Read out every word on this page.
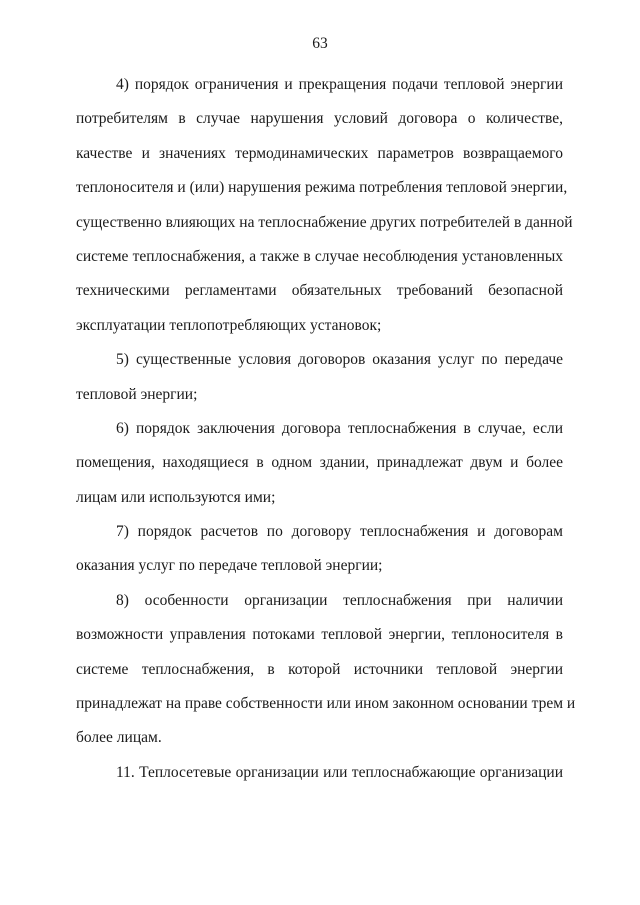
63
4) порядок ограничения и прекращения подачи тепловой энергии
потребителям в случае нарушения условий договора о количестве,
качестве и значениях термодинамических параметров возвращаемого
теплоносителя и (или) нарушения режима потребления тепловой энергии,
существенно влияющих на теплоснабжение других потребителей в данной
системе теплоснабжения, а также в случае несоблюдения установленных
техническими регламентами обязательных требований безопасной
эксплуатации теплопотребляющих установок;
5) существенные условия договоров оказания услуг по передаче
тепловой энергии;
6) порядок заключения договора теплоснабжения в случае, если
помещения, находящиеся в одном здании, принадлежат двум и более
лицам или используются ими;
7) порядок расчетов по договору теплоснабжения и договорам
оказания услуг по передаче тепловой энергии;
8) особенности организации теплоснабжения при наличии
возможности управления потоками тепловой энергии, теплоносителя в
системе теплоснабжения, в которой источники тепловой энергии
принадлежат на праве собственности или ином законном основании трем и
более лицам.
11. Теплосетевые организации или теплоснабжающие организации
